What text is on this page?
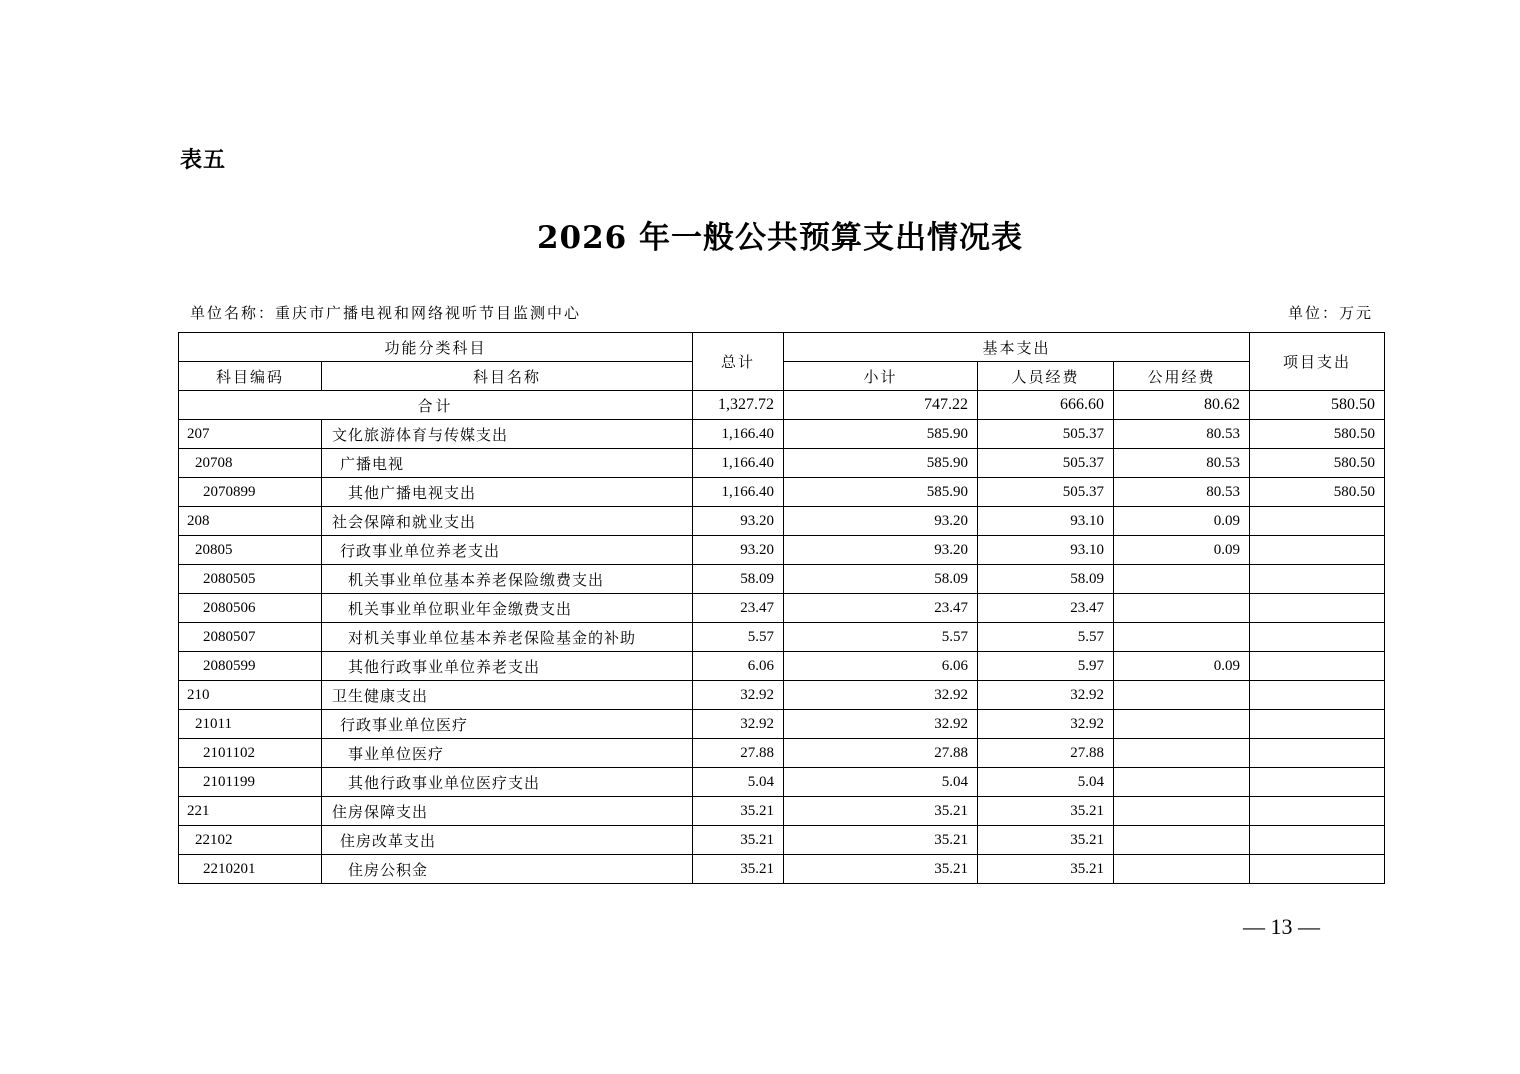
表五
2026 年一般公共预算支出情况表
单位名称：重庆市广播电视和网络视听节目监测中心	单位：万元
功能分类科目		总计	基本支出			项目支出
科目编码	科目名称		小计	人员经费	公用经费	
合计		1,327.72	747.22	666.60	80.62	580.50
207	文化旅游体育与传媒支出	1,166.40	585.90	505.37	80.53	580.50
20708	广播电视	1,166.40	585.90	505.37	80.53	580.50
2070899	其他广播电视支出	1,166.40	585.90	505.37	80.53	580.50
208	社会保障和就业支出	93.20	93.20	93.10	0.09	
20805	行政事业单位养老支出	93.20	93.20	93.10	0.09	
2080505	机关事业单位基本养老保险缴费支出	58.09	58.09	58.09		
2080506	机关事业单位职业年金缴费支出	23.47	23.47	23.47		
2080507	对机关事业单位基本养老保险基金的补助	5.57	5.57	5.57		
2080599	其他行政事业单位养老支出	6.06	6.06	5.97	0.09	
210	卫生健康支出	32.92	32.92	32.92		
21011	行政事业单位医疗	32.92	32.92	32.92		
2101102	事业单位医疗	27.88	27.88	27.88		
2101199	其他行政事业单位医疗支出	5.04	5.04	5.04		
221	住房保障支出	35.21	35.21	35.21		
22102	住房改革支出	35.21	35.21	35.21		
2210201	住房公积金	35.21	35.21	35.21		
— 13 —
